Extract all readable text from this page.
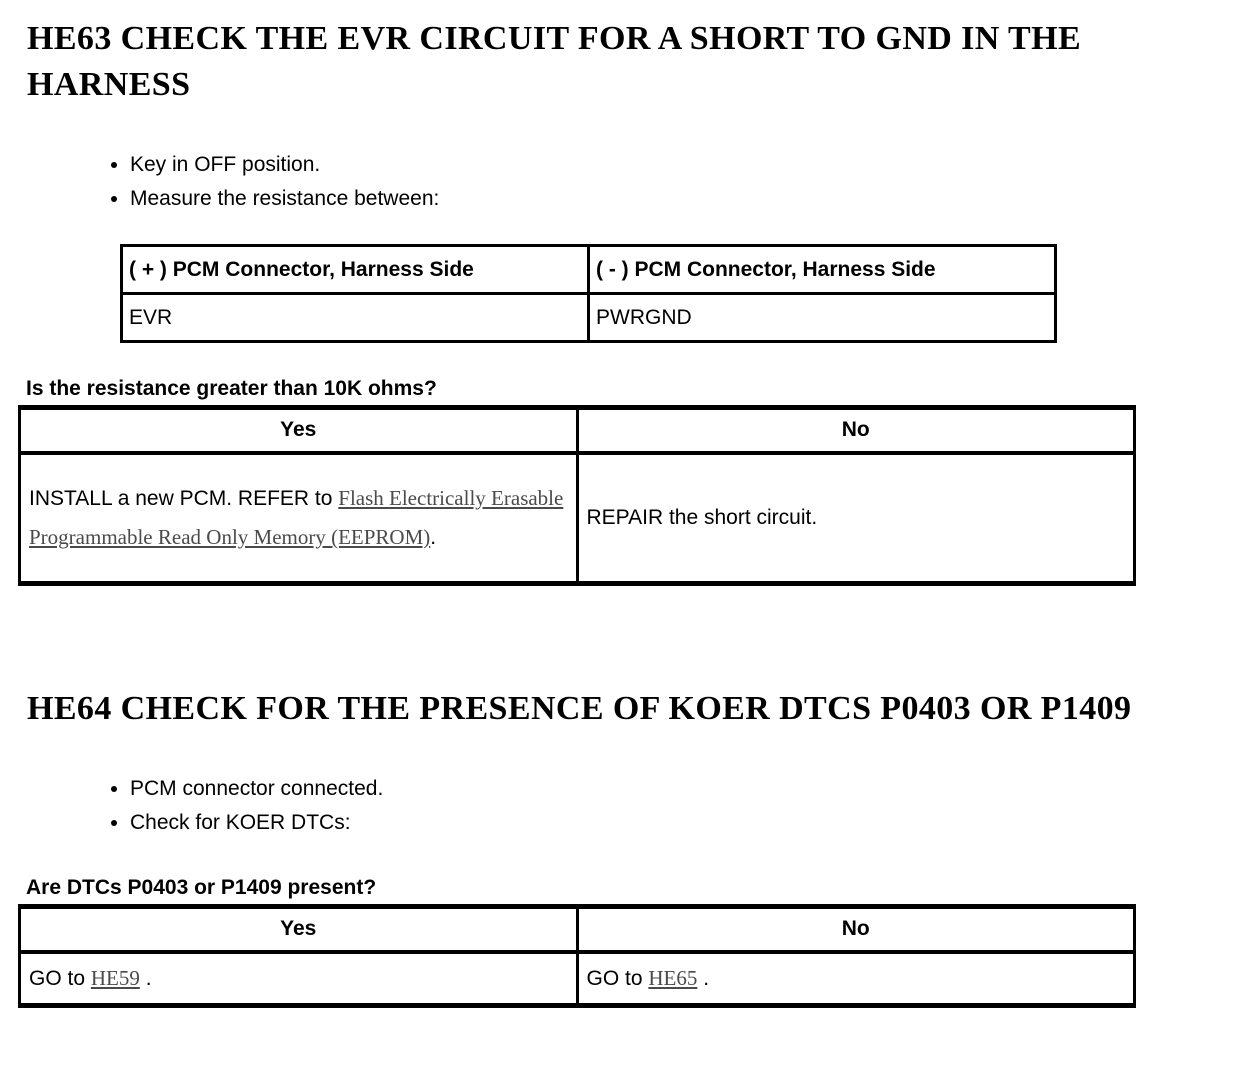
HE63 CHECK THE EVR CIRCUIT FOR A SHORT TO GND IN THE HARNESS
• Key in OFF position.
• Measure the resistance between:
( + ) PCM Connector, Harness Side	( - ) PCM Connector, Harness Side
EVR	PWRGND

Is the resistance greater than 10K ohms?

Yes	No
INSTALL a new PCM. REFER to Flash Electrically Erasable Programmable Read Only Memory (EEPROM).	REPAIR the short circuit.
HE64 CHECK FOR THE PRESENCE OF KOER DTCS P0403 OR P1409
• PCM connector connected.
• Check for KOER DTCs:

Are DTCs P0403 or P1409 present?

Yes	No
GO to HE59 .	GO to HE65 .
